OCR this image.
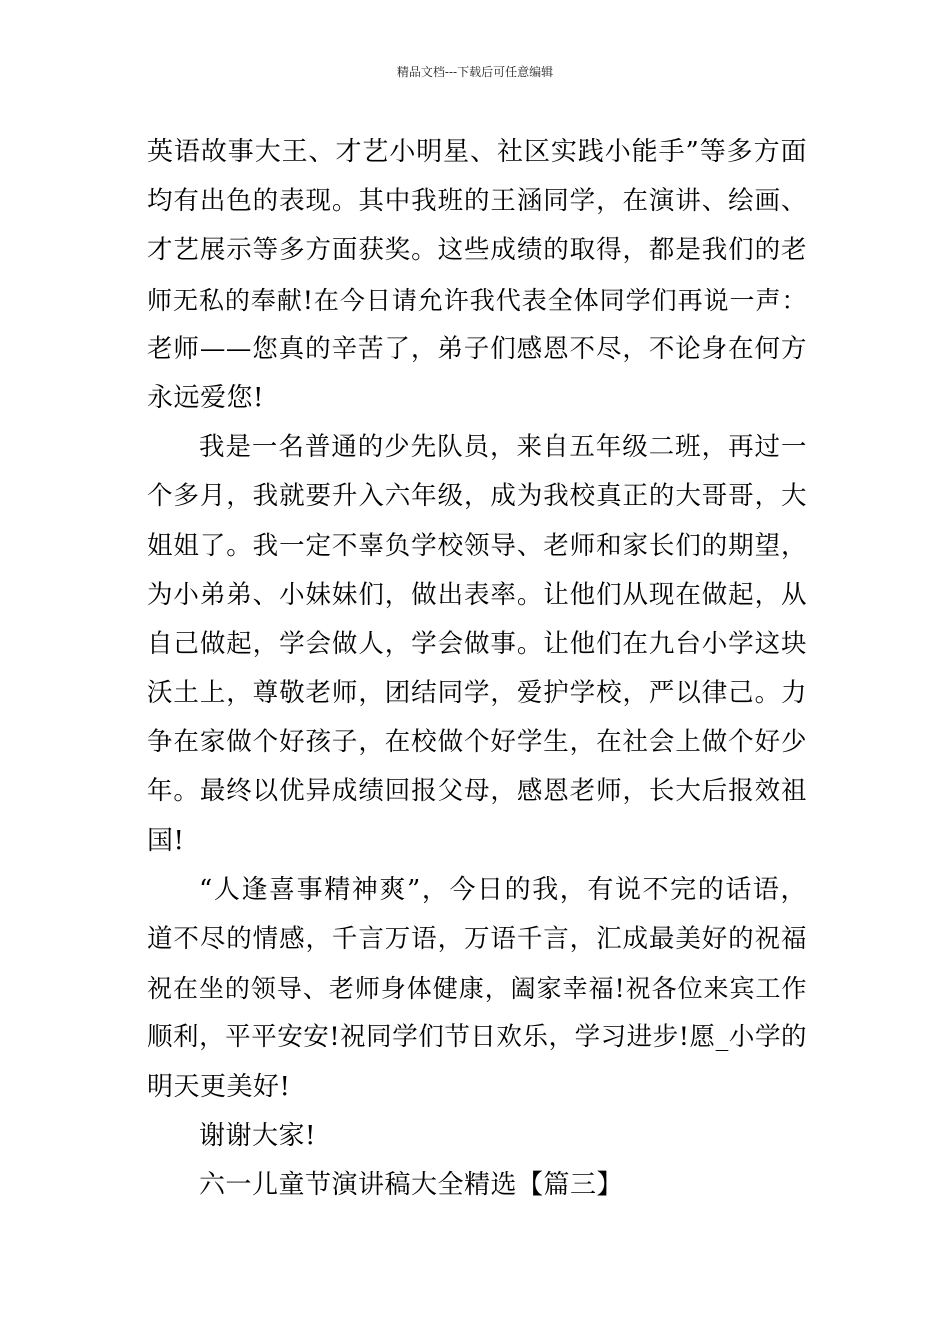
精品文档---下载后可任意编辑
英语故事大王、才艺小明星、社区实践小能手”等多方面
均有出色的表现。其中我班的王涵同学，在演讲、绘画、
才艺展示等多方面获奖。这些成绩的取得，都是我们的老
师无私的奉献!在今日请允许我代表全体同学们再说一声：
老师——您真的辛苦了，弟子们感恩不尽，不论身在何方
永远爱您!
我是一名普通的少先队员，来自五年级二班，再过一
个多月，我就要升入六年级，成为我校真正的大哥哥，大
姐姐了。我一定不辜负学校领导、老师和家长们的期望，
为小弟弟、小妹妹们，做出表率。让他们从现在做起，从
自己做起，学会做人，学会做事。让他们在九台小学这块
沃土上，尊敬老师，团结同学，爱护学校，严以律己。力
争在家做个好孩子，在校做个好学生，在社会上做个好少
年。最终以优异成绩回报父母，感恩老师，长大后报效祖
国!
“人逢喜事精神爽”，今日的我，有说不完的话语，
道不尽的情感，千言万语，万语千言，汇成最美好的祝福
祝在坐的领导、老师身体健康，阖家幸福!祝各位来宾工作
顺利，平平安安!祝同学们节日欢乐，学习进步!愿_小学的
明天更美好!
谢谢大家!
六一儿童节演讲稿大全精选【篇三】
